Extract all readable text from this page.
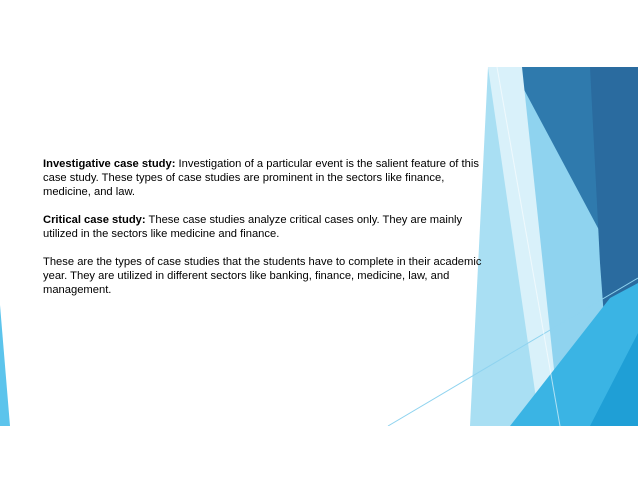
Investigative case study: Investigation of a particular event is the salient feature of this case study. These types of case studies are prominent in the sectors like finance, medicine, and law.

Critical case study: These case studies analyze critical cases only. They are mainly utilized in the sectors like medicine and finance.

These are the types of case studies that the students have to complete in their academic year. They are utilized in different sectors like banking, finance, medicine, law, and management.
